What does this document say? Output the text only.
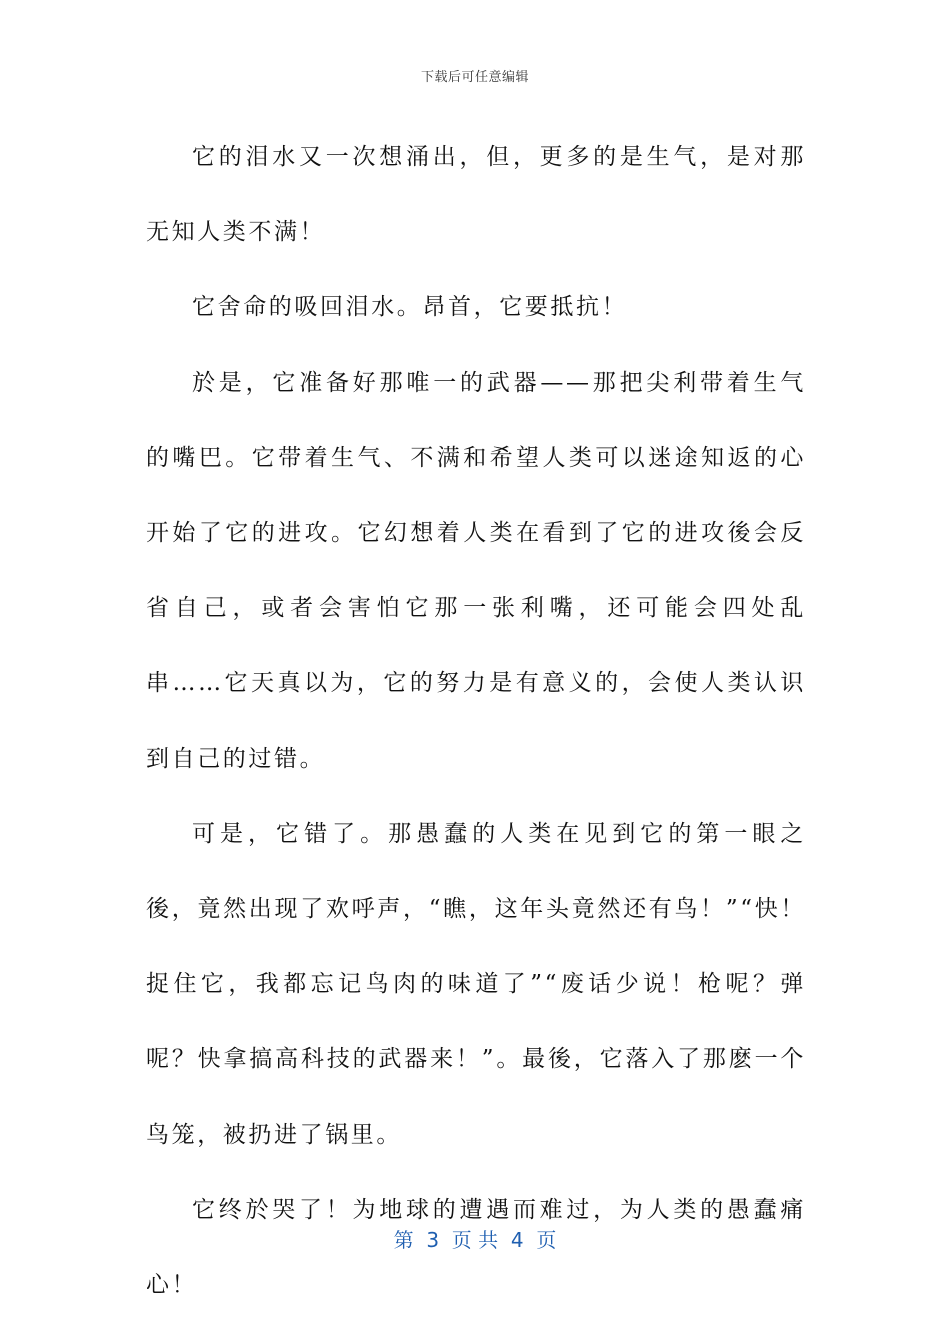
下载后可任意编辑

它的泪水又一次想涌出，但，更多的是生气，是对那无知人类不满！

它舍命的吸回泪水。昂首，它要抵抗！

於是，它准备好那唯一的武器——那把尖利带着生气的嘴巴。它带着生气、不满和希望人类可以迷途知返的心开始了它的进攻。它幻想着人类在看到了它的进攻後会反省自己，或者会害怕它那一张利嘴，还可能会四处乱串……它天真以为，它的努力是有意义的，会使人类认识到自己的过错。

可是，它错了。那愚蠢的人类在见到它的第一眼之後，竟然出现了欢呼声，“瞧，这年头竟然还有鸟！”“快！捉住它，我都忘记鸟肉的味道了”“废话少说！枪呢？弹呢？快拿搞高科技的武器来！”。最後，它落入了那麽一个鸟笼，被扔进了锅里。

它终於哭了！为地球的遭遇而难过，为人类的愚蠢痛心！

第  3  页 共  4  页
